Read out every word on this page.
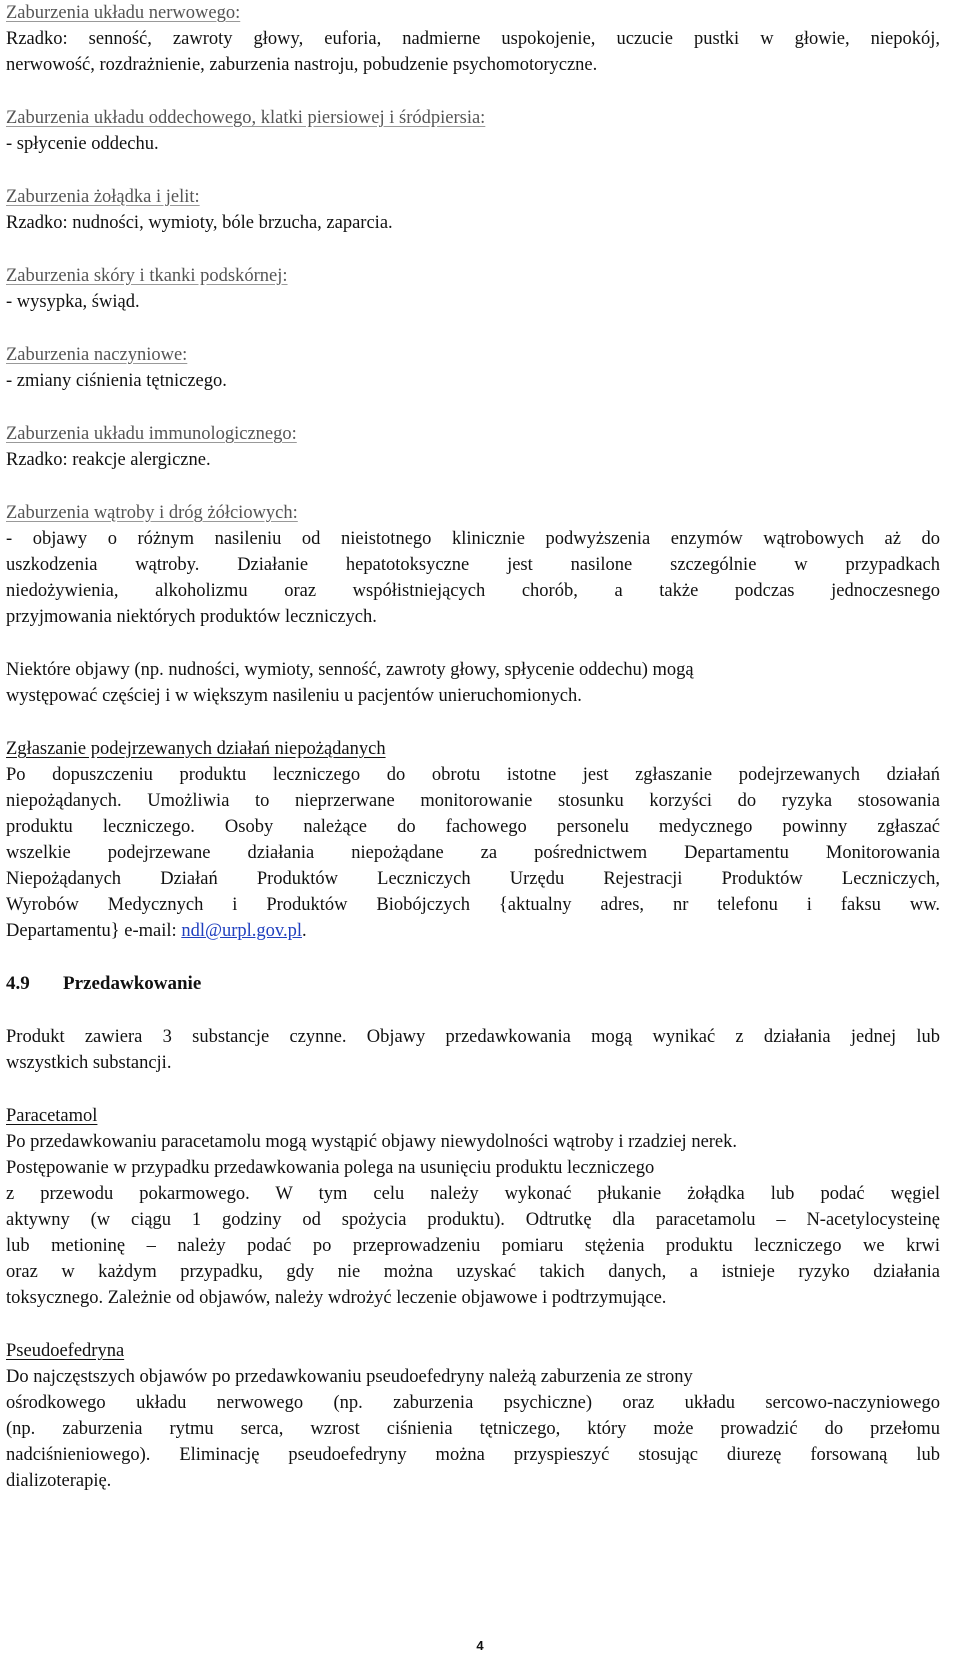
Zaburzenia układu nerwowego:
Rzadko: senność, zawroty głowy, euforia, nadmierne uspokojenie, uczucie pustki w głowie, niepokój,
nerwowość, rozdrażnienie, zaburzenia nastroju, pobudzenie psychomotoryczne.
Zaburzenia układu oddechowego, klatki piersiowej i śródpiersia:
- spłycenie oddechu.
Zaburzenia żołądka i jelit:
Rzadko: nudności, wymioty, bóle brzucha, zaparcia.
Zaburzenia skóry i tkanki podskórnej:
- wysypka, świąd.
Zaburzenia naczyniowe:
- zmiany ciśnienia tętniczego.
Zaburzenia układu immunologicznego:
Rzadko: reakcje alergiczne.
Zaburzenia wątroby i dróg żółciowych:
- objawy o różnym nasileniu od nieistotnego klinicznie podwyższenia enzymów wątrobowych aż do
uszkodzenia wątroby. Działanie hepatotoksyczne jest nasilone szczególnie w przypadkach
niedożywienia, alkoholizmu oraz współistniejących chorób, a także podczas jednoczesnego
przyjmowania niektórych produktów leczniczych.
Niektóre objawy (np. nudności, wymioty, senność, zawroty głowy, spłycenie oddechu) mogą
występować częściej i w większym nasileniu u pacjentów unieruchomionych.
Zgłaszanie podejrzewanych działań niepożądanych
Po dopuszczeniu produktu leczniczego do obrotu istotne jest zgłaszanie podejrzewanych działań
niepożądanych. Umożliwia to nieprzerwane monitorowanie stosunku korzyści do ryzyka stosowania
produktu leczniczego. Osoby należące do fachowego personelu medycznego powinny zgłaszać
wszelkie podejrzewane działania niepożądane za pośrednictwem Departamentu Monitorowania
Niepożądanych Działań Produktów Leczniczych Urzędu Rejestracji Produktów Leczniczych,
Wyrobów Medycznych i Produktów Biobójczych {aktualny adres, nr telefonu i faksu ww.
Departamentu} e-mail: ndl@urpl.gov.pl.
4.9 Przedawkowanie
Produkt zawiera 3 substancje czynne. Objawy przedawkowania mogą wynikać z działania jednej lub
wszystkich substancji.
Paracetamol
Po przedawkowaniu paracetamolu mogą wystąpić objawy niewydolności wątroby i rzadziej nerek.
Postępowanie w przypadku przedawkowania polega na usunięciu produktu leczniczego
z przewodu pokarmowego. W tym celu należy wykonać płukanie żołądka lub podać węgiel
aktywny (w ciągu 1 godziny od spożycia produktu). Odtrutkę dla paracetamolu – N-acetylocysteinę
lub metioninę – należy podać po przeprowadzeniu pomiaru stężenia produktu leczniczego we krwi
oraz w każdym przypadku, gdy nie można uzyskać takich danych, a istnieje ryzyko działania
toksycznego. Zależnie od objawów, należy wdrożyć leczenie objawowe i podtrzymujące.
Pseudoefedryna
Do najczęstszych objawów po przedawkowaniu pseudoefedryny należą zaburzenia ze strony
ośrodkowego układu nerwowego (np. zaburzenia psychiczne) oraz układu sercowo-naczyniowego
(np. zaburzenia rytmu serca, wzrost ciśnienia tętniczego, który może prowadzić do przełomu
nadciśnieniowego). Eliminację pseudoefedryny można przyspieszyć stosując diurezę forsowaną lub
dializoterapię.
4
